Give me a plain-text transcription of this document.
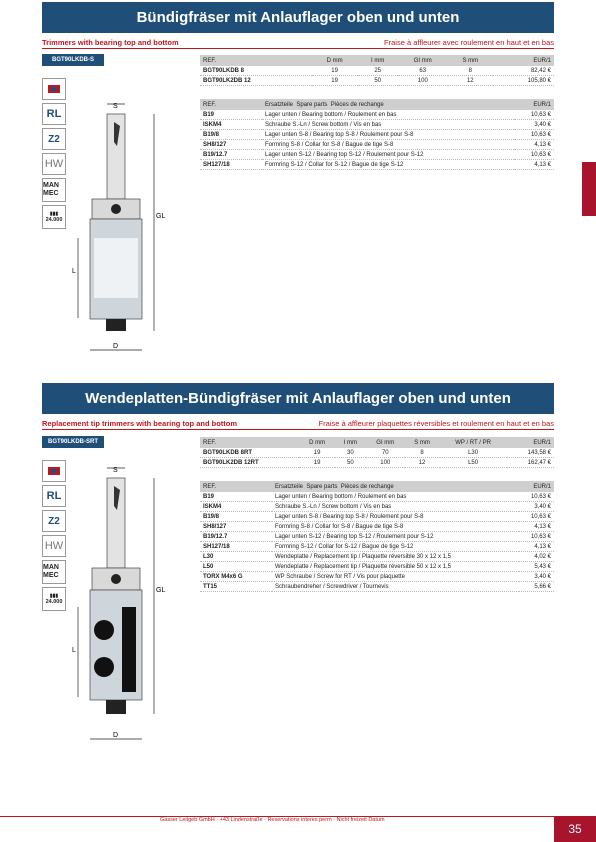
Bündigfräser mit Anlauflager oben und unten
Trimmers with bearing top and bottom	Fraise à affleurer avec roulement en haut et en bas
BGT90LKDB-S
RL
Z2
HW
MAN MEC
▮▮▮
24.000
S
GL
L
D
REF.	D mm	I mm	GI mm	S mm	EUR/1
BGT90LKDB 8	19	25	63	8	82,42 €
BGT90LK2DB 12	19	50	100	12	105,80 €
REF.	Ersatzteile Spare parts Pièces de rechange	EUR/1
B19	Lager unten / Bearing bottom / Roulement en bas	10,63 €
ISKM4	Schraube S.-Ln / Screw bottom / Vis en bas	3,40 €
B19/8	Lager unten S-8 / Bearing top S-8 / Roulement pour S-8	10,63 €
SH8/127	Formring S-8 / Collar for S-8 / Bague de tige S-8	4,13 €
B19/12.7	Lager unten S-12 / Bearing top S-12 / Roulement pour S-12	10,63 €
SH127/18	Formring S-12 / Collar for S-12 / Bague de tige S-12	4,13 €
Wendeplatten-Bündigfräser mit Anlauflager oben und unten
Replacement tip trimmers with bearing top and bottom	Fraise à affleurer plaquettes réversibles et roulement en haut et en bas
BGT90LKDB-SRT
RL
Z2
HW
MAN MEC
▮▮▮
24.000
S
GL
L
D
REF.	D mm	I mm	GI mm	S mm	WP / RT / PR	EUR/1
BGT90LKDB 8RT	19	30	70	8	L30	143,58 €
BGT90LK2DB 12RT	19	50	100	12	L50	162,47 €
REF.	Ersatzteile Spare parts Pièces de rechange	EUR/1
B19	Lager unten / Bearing bottom / Roulement en bas	10,63 €
ISKM4	Schraube S.-Ln / Screw bottom / Vis en bas	3,40 €
B19/8	Lager unten S-8 / Bearing top S-8 / Roulement pour S-8	10,63 €
SH8/127	Formring S-8 / Collar for S-8 / Bague de tige S-8	4,13 €
B19/12.7	Lager unten S-12 / Bearing top S-12 / Roulement pour S-12	10,63 €
SH127/18	Formring S-12 / Collar for S-12 / Bague de tige S-12	4,13 €
L30	Wendeplatte / Replacement tip / Plaquette réversible 30 x 12 x 1,5	4,02 €
L50	Wendeplatte / Replacement tip / Plaquette réversible 50 x 12 x 1,5	5,43 €
TORX M4x6 G	WP Schraube / Screw for RT / Vis pour plaquette	3,40 €
TT15	Schraubendreher / Screwdriver / Tournevis	5,66 €
Gasser Leitgeb GmbH · +43 Lindenstraße · Reservations interes perm · Nicht freizeit Datum
35
